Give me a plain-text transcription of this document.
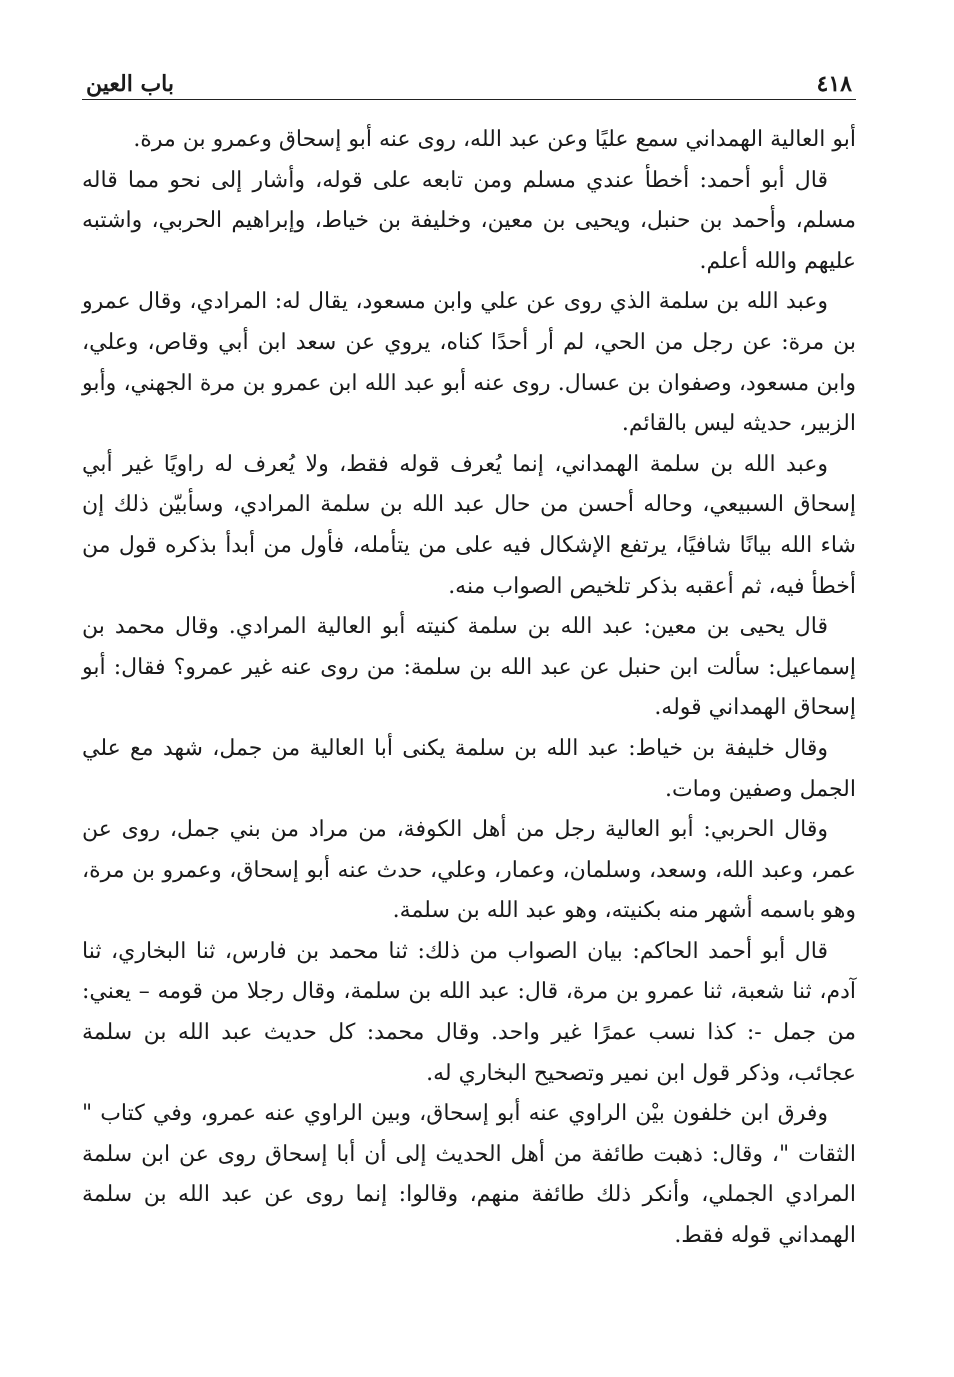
٤١٨
باب العين

أبو العالية الهمداني سمع عليًا وعن عبد الله، روى عنه أبو إسحاق وعمرو بن مرة.

قال أبو أحمد: أخطأ عندي مسلم ومن تابعه على قوله، وأشار إلى نحو مما قاله مسلم، وأحمد بن حنبل، ويحيى بن معين، وخليفة بن خياط، وإبراهيم الحربي، واشتبه عليهم والله أعلم.

وعبد الله بن سلمة الذي روى عن علي وابن مسعود، يقال له: المرادي، وقال عمرو بن مرة: عن رجل من الحي، لم أر أحدًا كناه، يروي عن سعد ابن أبي وقاص، وعلي، وابن مسعود، وصفوان بن عسال. روى عنه أبو عبد الله ابن عمرو بن مرة الجهني، وأبو الزبير، حديثه ليس بالقائم.

وعبد الله بن سلمة الهمداني، إنما يُعرف قوله فقط، ولا يُعرف له راويًا غير أبي إسحاق السبيعي، وحاله أحسن من حال عبد الله بن سلمة المرادي، وسأبيّن ذلك إن شاء الله بيانًا شافيًا، يرتفع الإشكال فيه على من يتأمله، فأول من أبدأ بذكره قول من أخطأ فيه، ثم أعقبه بذكر تلخيص الصواب منه.

قال يحيى بن معين: عبد الله بن سلمة كنيته أبو العالية المرادي. وقال محمد بن إسماعيل: سألت ابن حنبل عن عبد الله بن سلمة: من روى عنه غير عمرو؟ فقال: أبو إسحاق الهمداني قوله.

وقال خليفة بن خياط: عبد الله بن سلمة يكنى أبا العالية من جمل، شهد مع علي الجمل وصفين ومات.

وقال الحربي: أبو العالية رجل من أهل الكوفة، من مراد من بني جمل، روى عن عمر، وعبد الله، وسعد، وسلمان، وعمار، وعلي، حدث عنه أبو إسحاق، وعمرو بن مرة، وهو باسمه أشهر منه بكنيته، وهو عبد الله بن سلمة.

قال أبو أحمد الحاكم: بيان الصواب من ذلك: ثنا محمد بن فارس، ثنا البخاري، ثنا آدم، ثنا شعبة، ثنا عمرو بن مرة، قال: عبد الله بن سلمة، وقال رجلا من قومه – يعني: من جمل -: كذا نسب عمرًا غير واحد. وقال محمد: كل حديث عبد الله بن سلمة عجائب، وذكر قول ابن نمير وتصحيح البخاري له.

وفرق ابن خلفون بيْن الراوي عنه أبو إسحاق، وبين الراوي عنه عمرو، وفي كتاب " الثقات "، وقال: ذهبت طائفة من أهل الحديث إلى أن أبا إسحاق روى عن ابن سلمة المرادي الجملي، وأنكر ذلك طائفة منهم، وقالوا: إنما روى عن عبد الله بن سلمة الهمداني قوله فقط.
